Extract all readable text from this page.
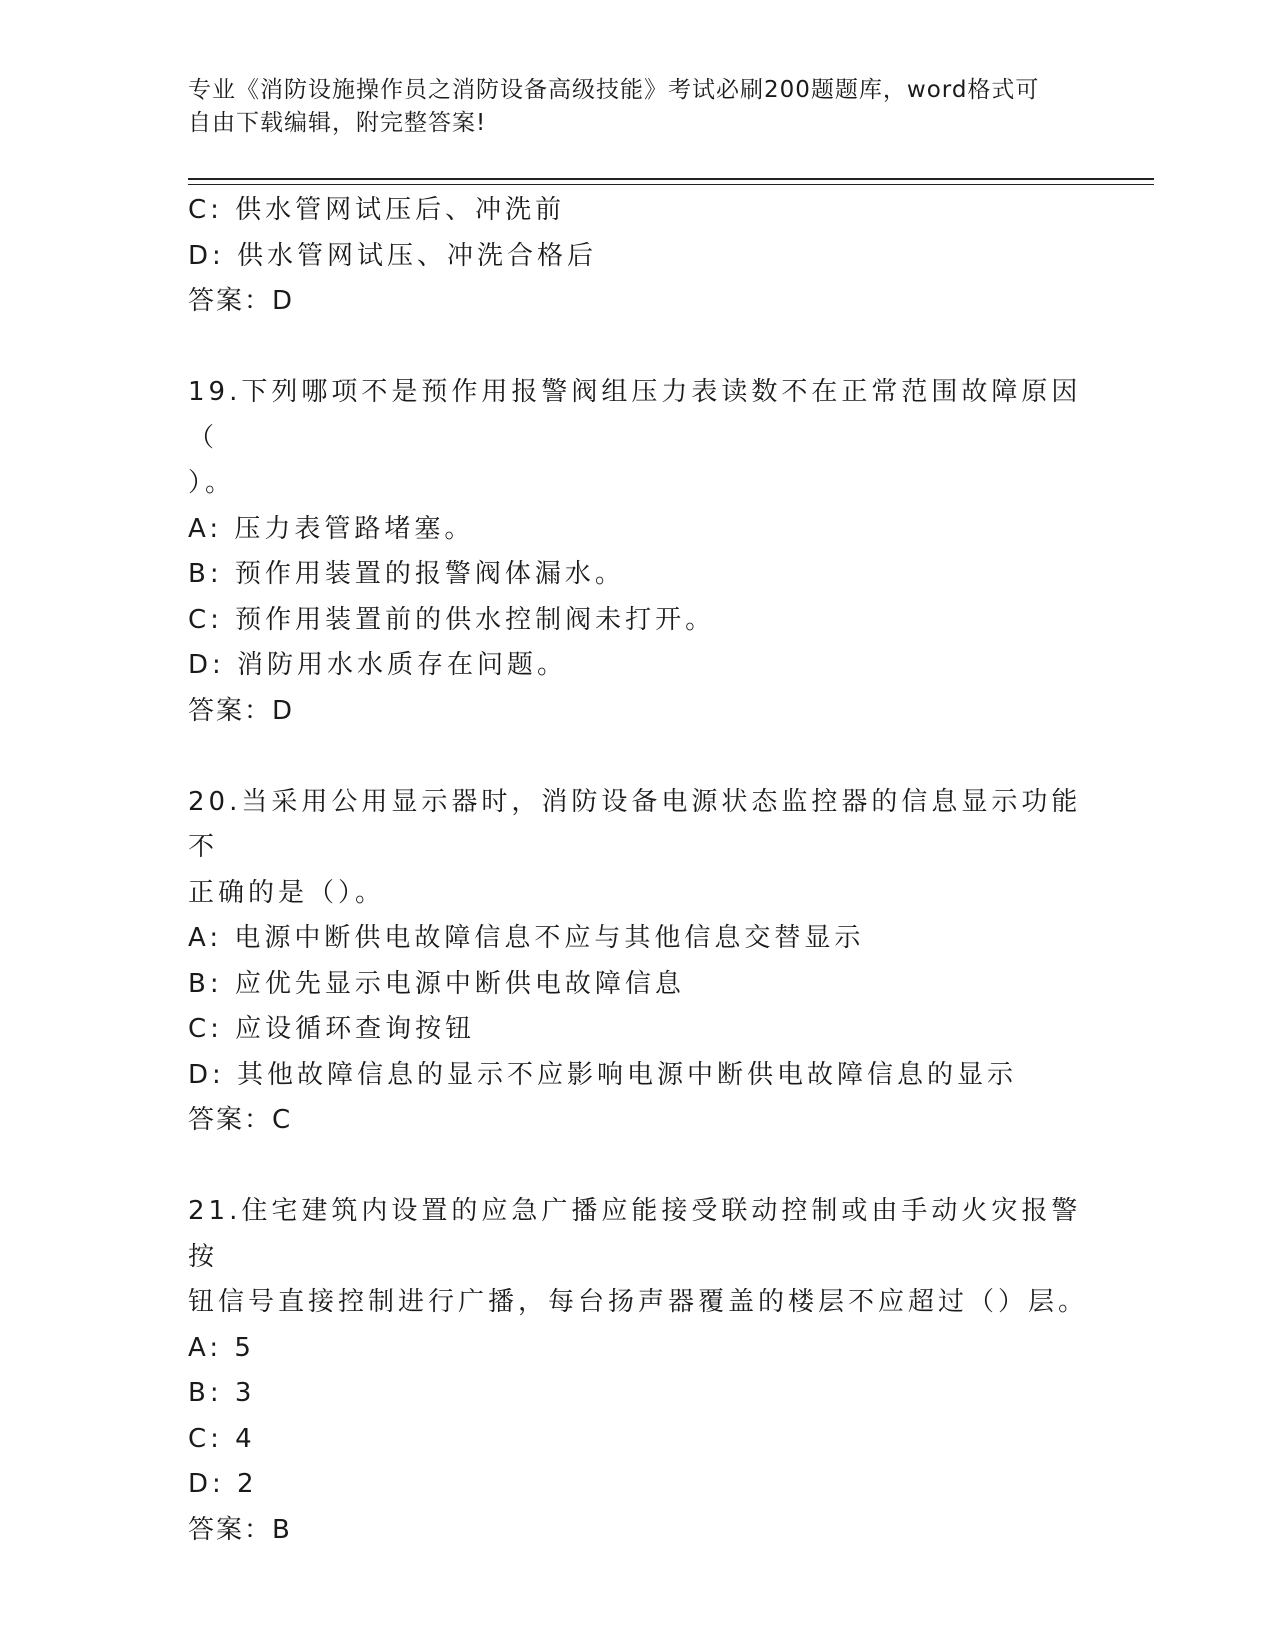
专业《消防设施操作员之消防设备高级技能》考试必刷200题题库，word格式可
自由下载编辑，附完整答案!
C: 供水管网试压后、冲洗前
D: 供水管网试压、冲洗合格后
答案：D
19.下列哪项不是预作用报警阀组压力表读数不在正常范围故障原因（
）。
A: 压力表管路堵塞。
B: 预作用装置的报警阀体漏水。
C: 预作用装置前的供水控制阀未打开。
D: 消防用水水质存在问题。
答案：D
20.当采用公用显示器时，消防设备电源状态监控器的信息显示功能不
正确的是（）。
A: 电源中断供电故障信息不应与其他信息交替显示
B: 应优先显示电源中断供电故障信息
C: 应设循环查询按钮
D: 其他故障信息的显示不应影响电源中断供电故障信息的显示
答案：C
21.住宅建筑内设置的应急广播应能接受联动控制或由手动火灾报警按
钮信号直接控制进行广播，每台扬声器覆盖的楼层不应超过（）层。
A: 5
B: 3
C: 4
D: 2
答案：B
